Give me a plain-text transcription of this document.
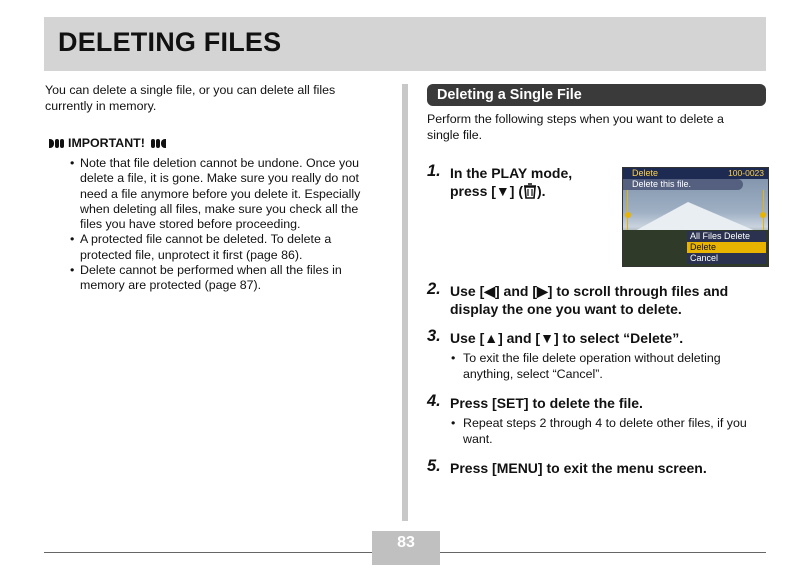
DELETING FILES

You can delete a single file, or you can delete all files currently in memory.

IMPORTANT!

• Note that file deletion cannot be undone. Once you delete a file, it is gone. Make sure you really do not need a file anymore before you delete it. Especially when deleting all files, make sure you check all the files you have stored before proceeding.

• A protected file cannot be deleted. To delete a protected file, unprotect it first (page 86).

• Delete cannot be performed when all the files in memory are protected (page 87).

Deleting a Single File

Perform the following steps when you want to delete a single file.

1. In the PLAY mode,
press [▼] ( ).
Delete	100-0023
Delete this file.
All Files Delete
Delete
Cancel
2. Use [◀] and [▶] to scroll through files and
display the one you want to delete.
3. Use [▲] and [▼] to select “Delete”.
• To exit the file delete operation without deleting anything, select “Cancel”.
4. Press [SET] to delete the file.
• Repeat steps 2 through 4 to delete other files, if you want.
5. Press [MENU] to exit the menu screen.
83
